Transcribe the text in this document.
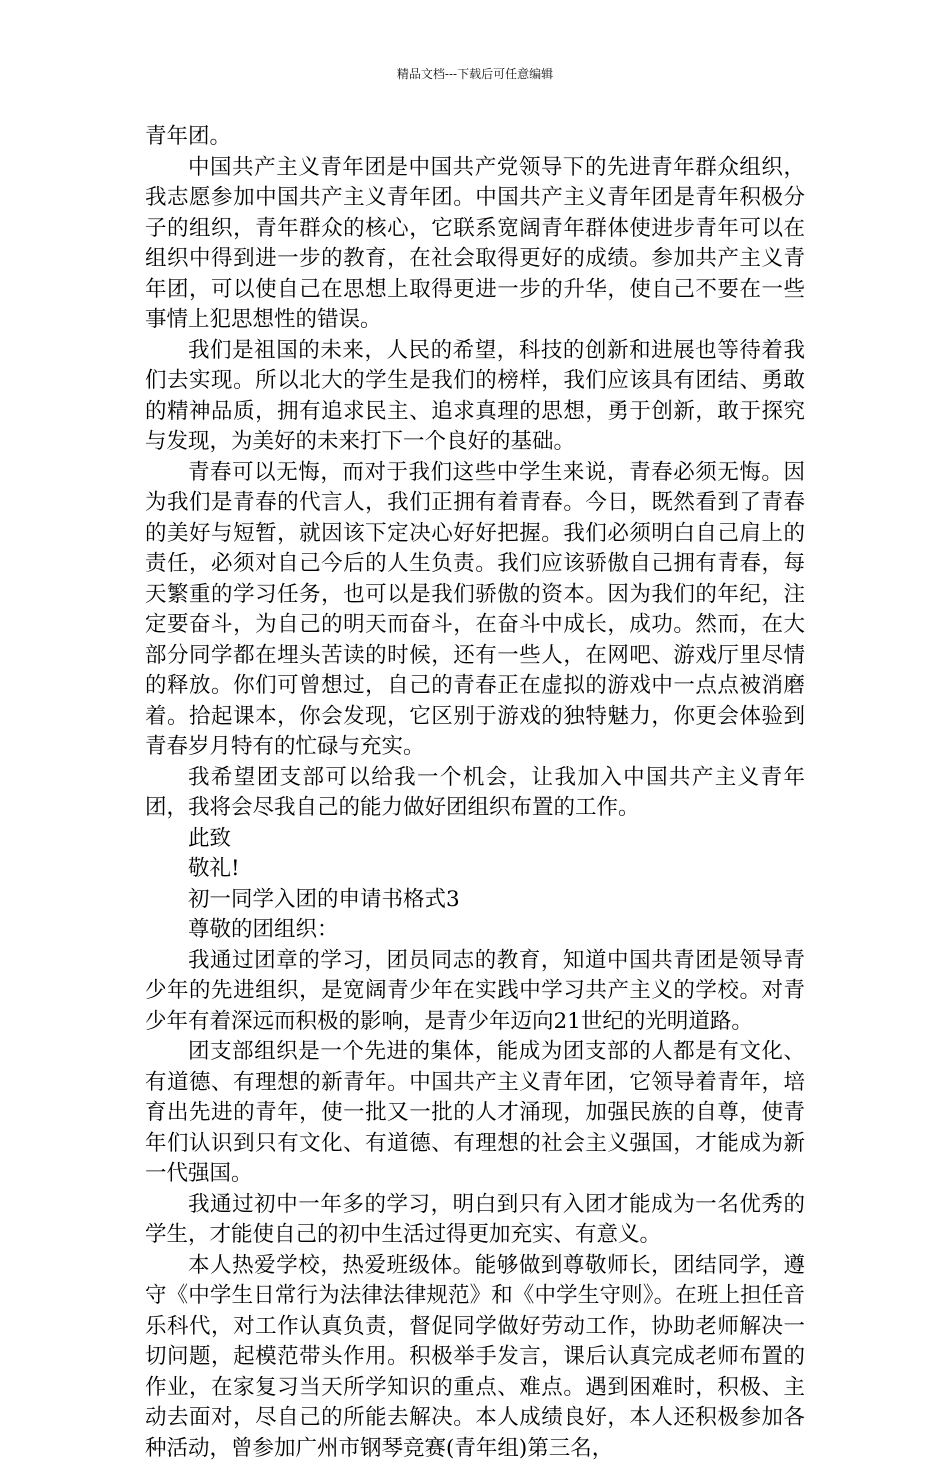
精品文档---下载后可任意编辑

青年团。

中国共产主义青年团是中国共产党领导下的先进青年群众组织，我志愿参加中国共产主义青年团。中国共产主义青年团是青年积极分子的组织，青年群众的核心，它联系宽阔青年群体使进步青年可以在组织中得到进一步的教育，在社会取得更好的成绩。参加共产主义青年团，可以使自己在思想上取得更进一步的升华，使自己不要在一些事情上犯思想性的错误。

我们是祖国的未来，人民的希望，科技的创新和进展也等待着我们去实现。所以北大的学生是我们的榜样，我们应该具有团结、勇敢的精神品质，拥有追求民主、追求真理的思想，勇于创新，敢于探究与发现，为美好的未来打下一个良好的基础。

青春可以无悔，而对于我们这些中学生来说，青春必须无悔。因为我们是青春的代言人，我们正拥有着青春。今日，既然看到了青春的美好与短暂，就因该下定决心好好把握。我们必须明白自己肩上的责任，必须对自己今后的人生负责。我们应该骄傲自己拥有青春，每天繁重的学习任务，也可以是我们骄傲的资本。因为我们的年纪，注定要奋斗，为自己的明天而奋斗，在奋斗中成长，成功。然而，在大部分同学都在埋头苦读的时候，还有一些人，在网吧、游戏厅里尽情的释放。你们可曾想过，自己的青春正在虚拟的游戏中一点点被消磨着。拾起课本，你会发现，它区别于游戏的独特魅力，你更会体验到青春岁月特有的忙碌与充实。

我希望团支部可以给我一个机会，让我加入中国共产主义青年团，我将会尽我自己的能力做好团组织布置的工作。

此致

敬礼!

初一同学入团的申请书格式3

尊敬的团组织：

我通过团章的学习，团员同志的教育，知道中国共青团是领导青少年的先进组织，是宽阔青少年在实践中学习共产主义的学校。对青少年有着深远而积极的影响，是青少年迈向21世纪的光明道路。

团支部组织是一个先进的集体，能成为团支部的人都是有文化、有道德、有理想的新青年。中国共产主义青年团，它领导着青年，培育出先进的青年，使一批又一批的人才涌现，加强民族的自尊，使青年们认识到只有文化、有道德、有理想的社会主义强国，才能成为新一代强国。

我通过初中一年多的学习，明白到只有入团才能成为一名优秀的学生，才能使自己的初中生活过得更加充实、有意义。

本人热爱学校，热爱班级体。能够做到尊敬师长，团结同学，遵守《中学生日常行为法律法律规范》和《中学生守则》。在班上担任音乐科代，对工作认真负责，督促同学做好劳动工作，协助老师解决一切问题，起模范带头作用。积极举手发言，课后认真完成老师布置的作业，在家复习当天所学知识的重点、难点。遇到困难时，积极、主动去面对，尽自己的所能去解决。本人成绩良好，本人还积极参加各种活动，曾参加广州市钢琴竞赛(青年组)第三名，
